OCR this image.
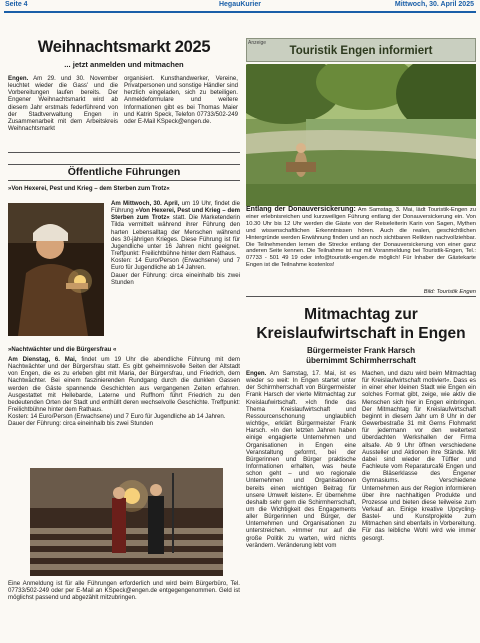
Seite 4	HegauKurier	Mittwoch, 30. April 2025
Weihnachtsmarkt 2025
... jetzt anmelden und mitmachen
Engen. Am 29. und 30. November leuchtet wieder die Gass' und die Vorbereitungen laufen bereits. Der Engener Weihnachtsmarkt wird ab diesem Jahr erstmals federführend von der Stadtverwaltung Engen in Zusammenarbeit mit dem Arbeitskreis Weihnachtsmarkt
organisiert. Kunsthandwerker, Vereine, Privatpersonen und sonstige Händler sind herzlich eingeladen, sich zu beteiligen. Anmeldeformulare und weitere Informationen gibt es bei Thomas Maier und Katrin Speck, Telefon 07733/502-249 oder E-Mail KSpeck@engen.de.
Anzeige
Touristik Engen informiert
Entlang der Donauversickerung: Am Samstag, 3. Mai, lädt Touristik-Engen zu einer erlebnisreichen und kurzweiligen Führung entlang der Donauversickerung ein. Von 10.30 Uhr bis 12 Uhr werden die Gäste von der Reiseleiterin Karin von Sagen, Mythen und wissenschaftlichen Erkenntnissen hören. Auch die realen, geschichtlichen Hintergründe werden Erwähnung finden und an noch sichtbaren Relikten nachvollziehbar. Die Teilnehmenden lernen die Strecke entlang der Donauversickerung von einer ganz anderen Seite kennen. Die Teilnahme ist nur mit Voranmeldung bei Touristik-Engen, Tel.: 07733 - 501 49 19 oder info@touristik-engen.de möglich! Für Inhaber der Gästekarte Engen ist die Teilnahme kostenlos!
Bild: Touristik Engen
Öffentliche Führungen
»Von Hexerei, Pest und Krieg – dem Sterben zum Trotz«
Am Mittwoch, 30. April, um 19 Uhr, findet die Führung »Von Hexerei, Pest und Krieg – dem Sterben zum Trotz« statt. Die Marketenderin Tilda vermittelt während ihrer Führung den harten Lebensalltag der Menschen während des 30-jährigen Krieges. Diese Führung ist für Jugendliche unter 16 Jahren nicht geeignet. Treffpunkt: Freilichtbühne hinter dem Rathaus.
Kosten: 14 Euro/Person (Erwachsene) und 7 Euro für Jugendliche ab 14 Jahren.
Dauer der Führung: circa eineinhalb bis zwei Stunden
»Nachtwächter und die Bürgersfrau «
Am Dienstag, 6. Mai, findet um 19 Uhr die abendliche Führung mit dem Nachtwächter und der Bürgersfrau statt. Es gibt geheimnisvolle Seiten der Altstadt von Engen, die es zu erleben gibt mit Maria, der Bürgersfrau, und Friedrich, dem Nachtwächter. Bei einem faszinierenden Rundgang durch die dunklen Gassen werden die Gäste spannende Geschichten aus vergangenen Zeiten erfahren. Ausgestattet mit Hellebarde, Laterne und Ruffhorn führt Friedrich zu den bedeutenden Orten der Stadt und enthüllt deren wechselvolle Geschichte. Treffpunkt: Freilichtbühne hinter dem Rathaus.
Kosten: 14 Euro/Person (Erwachsene) und 7 Euro für Jugendliche ab 14 Jahren.
Dauer der Führung: circa eineinhalb bis zwei Stunden
Eine Anmeldung ist für alle Führungen erforderlich und wird beim Bürgerbüro, Tel. 07733/502-249 oder per E-Mail an KSpeck@engen.de entgegengenommen. Geld ist möglichst passend und abgezählt mitzubringen.
Mitmachtag zur
Kreislaufwirtschaft in Engen
Bürgermeister Frank Harsch
übernimmt Schirmherrschaft
Engen. Am Samstag, 17. Mai, ist es wieder so weit: In Engen startet unter der Schirmherrschaft von Bürgermeister Frank Harsch der vierte Mitmachtag zur Kreislaufwirtschaft. »Ich finde das Thema Kreislaufwirtschaft und Ressourcenschonung unglaublich wichtig«, erklärt Bürgermeister Frank Harsch. »In den letzten Jahren haben einige engagierte Unternehmen und Organisationen in Engen eine Veranstaltung geformt, bei der Bürgerinnen und Bürger praktische Informationen erhalten, was heute schon geht – und wo regionale Unternehmen und Organisationen bereits einen wichtigen Beitrag für unsere Umwelt leisten«. Er übernehme deshalb sehr gern die Schirmherrschaft, um die Wichtigkeit des Engagements aller Bürgerinnen und Bürger, der Unternehmen und Organisationen zu unterstreichen. »Immer nur auf die große Politik zu warten, wird nichts verändern. Veränderung lebt vom
Machen, und dazu wird beim Mitmachtag für Kreislaufwirtschaft motiviert«. Dass es in einer eher kleinen Stadt wie Engen ein solches Format gibt, zeige, wie aktiv die Menschen sich hier in Engen einbringen. Der Mitmachtag für Kreislaufwirtschaft beginnt in diesem Jahr um 8 Uhr in der Gewerbestraße 31 mit Gerns Flohmarkt für jedermann vor den weitertest überdachten Werkshallen der Firma allsafe. Ab 9 Uhr öffnen verschiedene Aussteller und Aktionen ihre Stände. Mit dabei sind wieder die Tüftler und Fachleute vom Reparaturcafé Engen und die Bläserklasse des Engener Gymnasiums. Verschiedene Unternehmen aus der Region informieren über ihre nachhaltigen Produkte und Prozesse und bieten diese teilweise zum Verkauf an. Einige kreative Upcycling-Bastel- und Kunstprojekte zum Mitmachen sind ebenfalls in Vorbereitung. Für das leibliche Wohl wird wie immer gesorgt.
